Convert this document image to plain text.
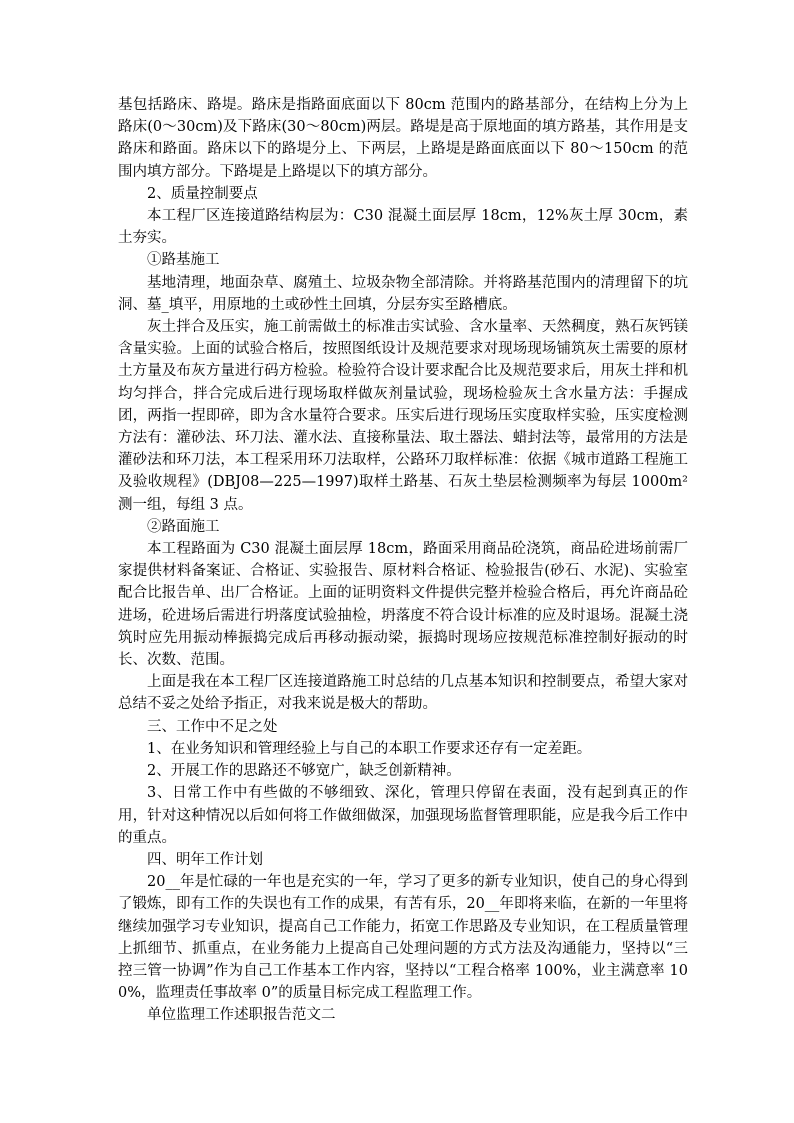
基包括路床、路堤。路床是指路面底面以下 80cm 范围内的路基部分，在结构上分为上路床(0～30cm)及下路床(30～80cm)两层。路堤是高于原地面的填方路基，其作用是支路床和路面。路床以下的路堤分上、下两层，上路堤是路面底面以下 80～150cm 的范围内填方部分。下路堤是上路堤以下的填方部分。

2、质量控制要点

本工程厂区连接道路结构层为：C30 混凝土面层厚 18cm，12%灰土厚 30cm，素土夯实。

①路基施工

基地清理，地面杂草、腐殖土、垃圾杂物全部清除。并将路基范围内的清理留下的坑洞、墓_填平，用原地的土或砂性土回填，分层夯实至路槽底。

灰土拌合及压实，施工前需做土的标准击实试验、含水量率、天然稠度，熟石灰钙镁含量实验。上面的试验合格后，按照图纸设计及规范要求对现场现场铺筑灰土需要的原材土方量及布灰方量进行码方检验。检验符合设计要求配合比及规范要求后，用灰土拌和机均匀拌合，拌合完成后进行现场取样做灰剂量试验，现场检验灰土含水量方法：手握成团，两指一捏即碎，即为含水量符合要求。压实后进行现场压实度取样实验，压实度检测方法有：灌砂法、环刀法、灌水法、直接称量法、取土器法、蜡封法等，最常用的方法是灌砂法和环刀法，本工程采用环刀法取样，公路环刀取样标准：依据《城市道路工程施工及验收规程》(DBJ08—225—1997)取样土路基、石灰土垫层检测频率为每层 1000m²测一组，每组 3 点。

②路面施工

本工程路面为 C30 混凝土面层厚 18cm，路面采用商品砼浇筑，商品砼进场前需厂家提供材料备案证、合格证、实验报告、原材料合格证、检验报告(砂石、水泥)、实验室配合比报告单、出厂合格证。上面的证明资料文件提供完整并检验合格后，再允许商品砼进场，砼进场后需进行坍落度试验抽检，坍落度不符合设计标准的应及时退场。混凝土浇筑时应先用振动棒振捣完成后再移动振动梁，振捣时现场应按规范标准控制好振动的时长、次数、范围。

上面是我在本工程厂区连接道路施工时总结的几点基本知识和控制要点，希望大家对总结不妥之处给予指正，对我来说是极大的帮助。

三、工作中不足之处

1、在业务知识和管理经验上与自己的本职工作要求还存有一定差距。

2、开展工作的思路还不够宽广，缺乏创新精神。

3、日常工作中有些做的不够细致、深化，管理只停留在表面，没有起到真正的作用，针对这种情况以后如何将工作做细做深，加强现场监督管理职能，应是我今后工作中的重点。

四、明年工作计划

20__年是忙碌的一年也是充实的一年，学习了更多的新专业知识，使自己的身心得到了锻炼，即有工作的失误也有工作的成果，有苦有乐，20__年即将来临，在新的一年里将继续加强学习专业知识，提高自己工作能力，拓宽工作思路及专业知识，在工程质量管理上抓细节、抓重点，在业务能力上提高自己处理问题的方式方法及沟通能力，坚持以“三控三管一协调”作为自己工作基本工作内容，坚持以“工程合格率 100%，业主满意率 100%，监理责任事故率 0”的质量目标完成工程监理工作。

单位监理工作述职报告范文二
